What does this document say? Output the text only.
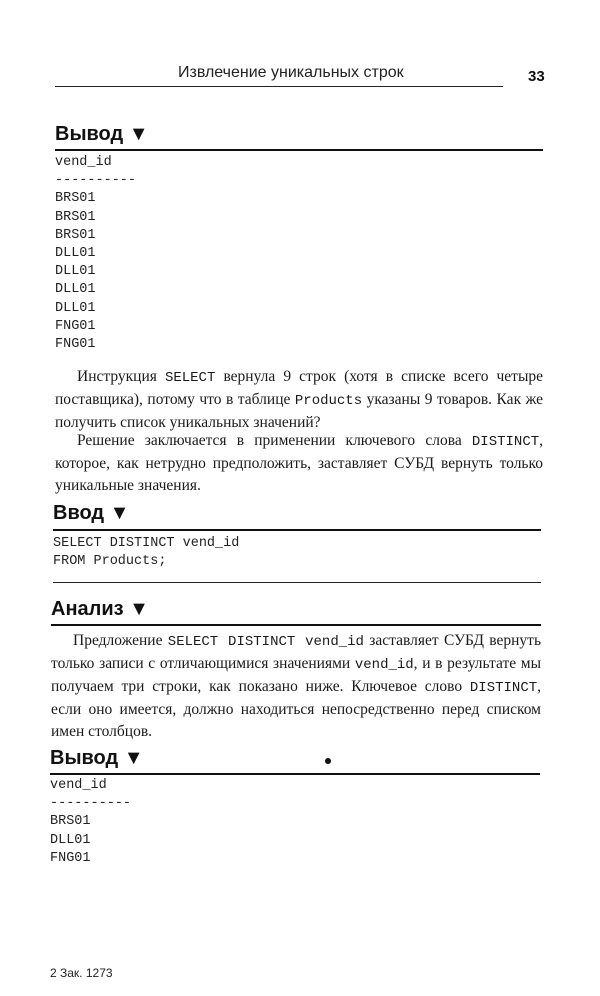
Извлечение уникальных строк	33
Вывод ▼
vend_id
----------
BRS01
BRS01
BRS01
DLL01
DLL01
DLL01
DLL01
FNG01
FNG01

Инструкция SELECT вернула 9 строк (хотя в списке всего четыре поставщика), потому что в таблице Products указаны 9 товаров. Как же получить список уникальных значений?

Решение заключается в применении ключевого слова DISTINCT, которое, как нетрудно предположить, заставляет СУБД вернуть только уникальные значения.

Ввод ▼
SELECT DISTINCT vend_id
FROM Products;
Анализ ▼

Предложение SELECT DISTINCT vend_id заставляет СУБД вернуть только записи с отличающимися значениями vend_id, и в результате мы получаем три строки, как показано ниже. Ключевое слово DISTINCT, если оно имеется, должно находиться непосредственно перед списком имен столбцов.

Вывод ▼
vend_id
----------
BRS01
DLL01
FNG01
2 Зак. 1273
